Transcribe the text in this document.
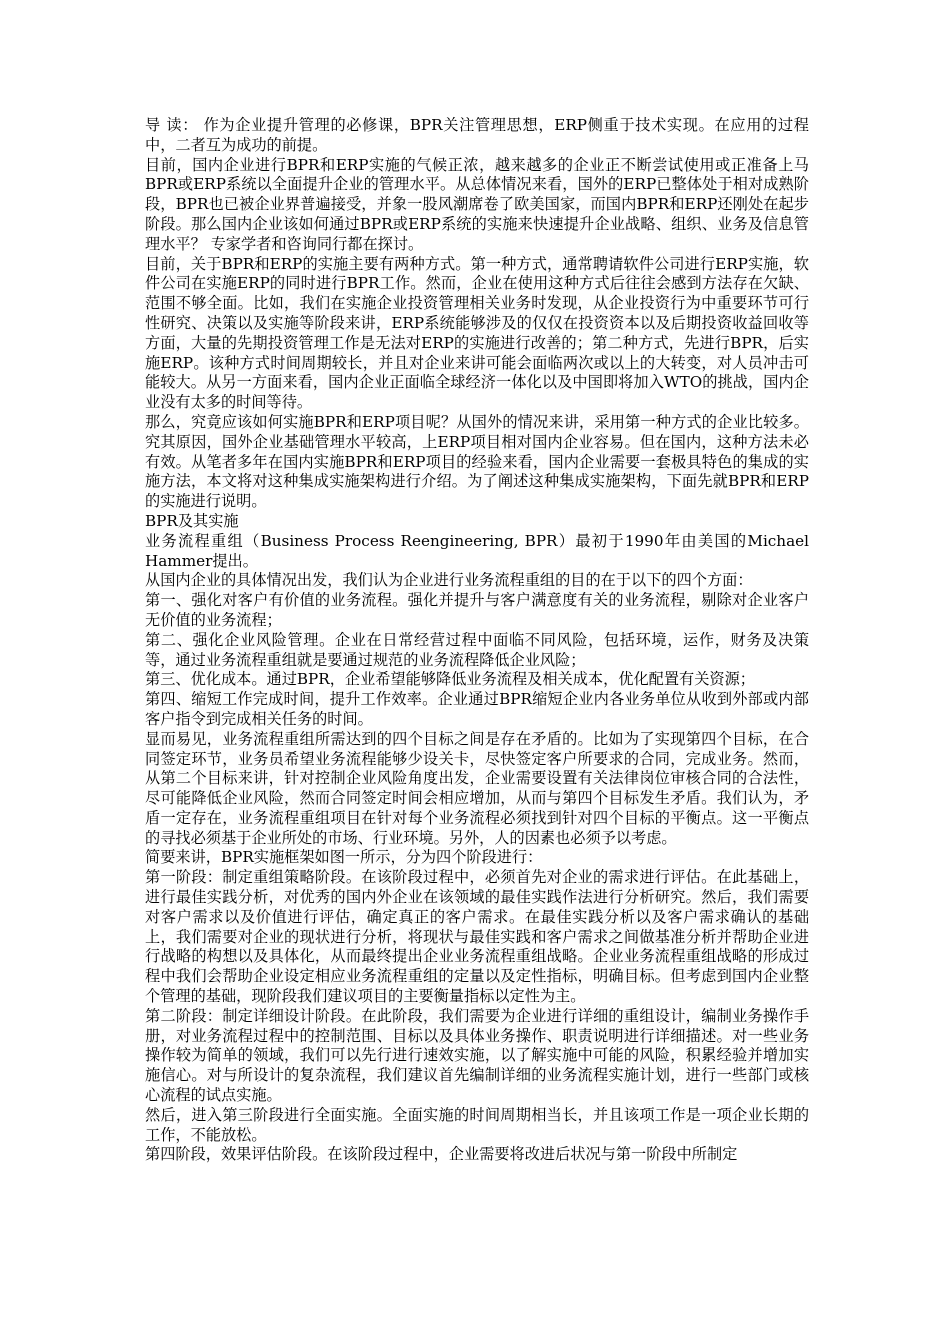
导 读： 作为企业提升管理的必修课，BPR关注管理思想，ERP侧重于技术实现。在应用的过程中，二者互为成功的前提。

目前，国内企业进行BPR和ERP实施的气候正浓，越来越多的企业正不断尝试使用或正准备上马BPR或ERP系统以全面提升企业的管理水平。从总体情况来看，国外的ERP已整体处于相对成熟阶段，BPR也已被企业界普遍接受，并象一股风潮席卷了欧美国家，而国内BPR和ERP还刚处在起步阶段。那么国内企业该如何通过BPR或ERP系统的实施来快速提升企业战略、组织、业务及信息管理水平？ 专家学者和咨询同行都在探讨。

目前，关于BPR和ERP的实施主要有两种方式。第一种方式，通常聘请软件公司进行ERP实施，软件公司在实施ERP的同时进行BPR工作。然而，企业在使用这种方式后往往会感到方法存在欠缺、范围不够全面。比如，我们在实施企业投资管理相关业务时发现，从企业投资行为中重要环节可行性研究、决策以及实施等阶段来讲，ERP系统能够涉及的仅仅在投资资本以及后期投资收益回收等方面，大量的先期投资管理工作是无法对ERP的实施进行改善的；第二种方式，先进行BPR，后实施ERP。该种方式时间周期较长，并且对企业来讲可能会面临两次或以上的大转变，对人员冲击可能较大。从另一方面来看，国内企业正面临全球经济一体化以及中国即将加入WTO的挑战，国内企业没有太多的时间等待。

那么，究竟应该如何实施BPR和ERP项目呢？从国外的情况来讲，采用第一种方式的企业比较多。究其原因，国外企业基础管理水平较高，上ERP项目相对国内企业容易。但在国内，这种方法未必有效。从笔者多年在国内实施BPR和ERP项目的经验来看，国内企业需要一套极具特色的集成的实施方法，本文将对这种集成实施架构进行介绍。为了阐述这种集成实施架构，下面先就BPR和ERP的实施进行说明。

BPR及其实施

业务流程重组（Business Process Reengineering, BPR）最初于1990年由美国的Michael Hammer提出。

从国内企业的具体情况出发，我们认为企业进行业务流程重组的目的在于以下的四个方面：

第一、强化对客户有价值的业务流程。强化并提升与客户满意度有关的业务流程，剔除对企业客户无价值的业务流程；

第二、强化企业风险管理。企业在日常经营过程中面临不同风险，包括环境，运作，财务及决策等，通过业务流程重组就是要通过规范的业务流程降低企业风险；

第三、优化成本。通过BPR，企业希望能够降低业务流程及相关成本，优化配置有关资源；

第四、缩短工作完成时间，提升工作效率。企业通过BPR缩短企业内各业务单位从收到外部或内部客户指令到完成相关任务的时间。

显而易见，业务流程重组所需达到的四个目标之间是存在矛盾的。比如为了实现第四个目标，在合同签定环节，业务员希望业务流程能够少设关卡，尽快签定客户所要求的合同，完成业务。然而，从第二个目标来讲，针对控制企业风险角度出发，企业需要设置有关法律岗位审核合同的合法性，尽可能降低企业风险，然而合同签定时间会相应增加，从而与第四个目标发生矛盾。我们认为，矛盾一定存在，业务流程重组项目在针对每个业务流程必须找到针对四个目标的平衡点。这一平衡点的寻找必须基于企业所处的市场、行业环境。另外，人的因素也必须予以考虑。

简要来讲，BPR实施框架如图一所示，分为四个阶段进行：

第一阶段：制定重组策略阶段。在该阶段过程中，必须首先对企业的需求进行评估。在此基础上，进行最佳实践分析，对优秀的国内外企业在该领域的最佳实践作法进行分析研究。然后，我们需要对客户需求以及价值进行评估，确定真正的客户需求。在最佳实践分析以及客户需求确认的基础上，我们需要对企业的现状进行分析，将现状与最佳实践和客户需求之间做基准分析并帮助企业进行战略的构想以及具体化，从而最终提出企业业务流程重组战略。企业业务流程重组战略的形成过程中我们会帮助企业设定相应业务流程重组的定量以及定性指标，明确目标。但考虑到国内企业整个管理的基础，现阶段我们建议项目的主要衡量指标以定性为主。

第二阶段：制定详细设计阶段。在此阶段，我们需要为企业进行详细的重组设计，编制业务操作手册，对业务流程过程中的控制范围、目标以及具体业务操作、职责说明进行详细描述。对一些业务操作较为简单的领域，我们可以先行进行速效实施，以了解实施中可能的风险，积累经验并增加实施信心。对与所设计的复杂流程，我们建议首先编制详细的业务流程实施计划，进行一些部门或核心流程的试点实施。

然后，进入第三阶段进行全面实施。全面实施的时间周期相当长，并且该项工作是一项企业长期的工作，不能放松。

第四阶段，效果评估阶段。在该阶段过程中，企业需要将改进后状况与第一阶段中所制定
